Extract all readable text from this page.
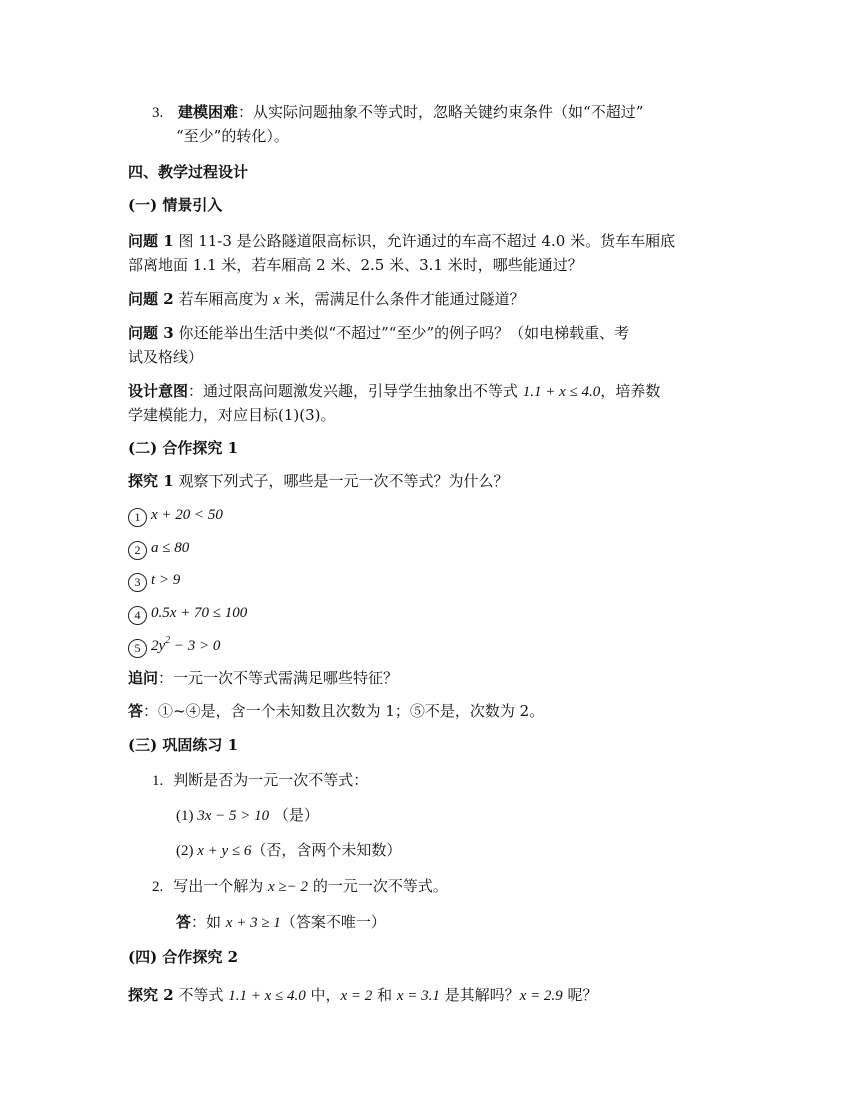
3. 建模困难：从实际问题抽象不等式时，忽略关键约束条件（如“不超过”
“至少”的转化）。
四、教学过程设计
(一) 情景引入
问题 1 图 11-3 是公路隧道限高标识，允许通过的车高不超过 4.0 米。货车车厢底
部离地面 1.1 米，若车厢高 2 米、2.5 米、3.1 米时，哪些能通过？
问题 2 若车厢高度为 x 米，需满足什么条件才能通过隧道？
问题 3 你还能举出生活中类似“不超过”“至少”的例子吗？（如电梯载重、考
试及格线）
设计意图：通过限高问题激发兴趣，引导学生抽象出不等式 1.1 + x ≤ 4.0，培养数
学建模能力，对应目标(1)(3)。
(二) 合作探究 1
探究 1 观察下列式子，哪些是一元一次不等式？为什么？
1 x + 20 < 50
2 a ≤ 80
3 t > 9
4 0.5x + 70 ≤ 100
5 $2y^2 - 3 > 0$
追问：一元一次不等式需满足哪些特征？
答：①~④是，含一个未知数且次数为 1；⑤不是，次数为 2。
(三) 巩固练习 1
1. 判断是否为一元一次不等式：
(1) 3x − 5 > 10 （是）
(2) x + y ≤ 6（否，含两个未知数）
2. 写出一个解为 x ≥− 2 的一元一次不等式。
答：如 x + 3 ≥ 1（答案不唯一）
(四) 合作探究 2
探究 2 不等式 1.1 + x ≤ 4.0 中，x = 2 和 x = 3.1 是其解吗？x = 2.9 呢？
